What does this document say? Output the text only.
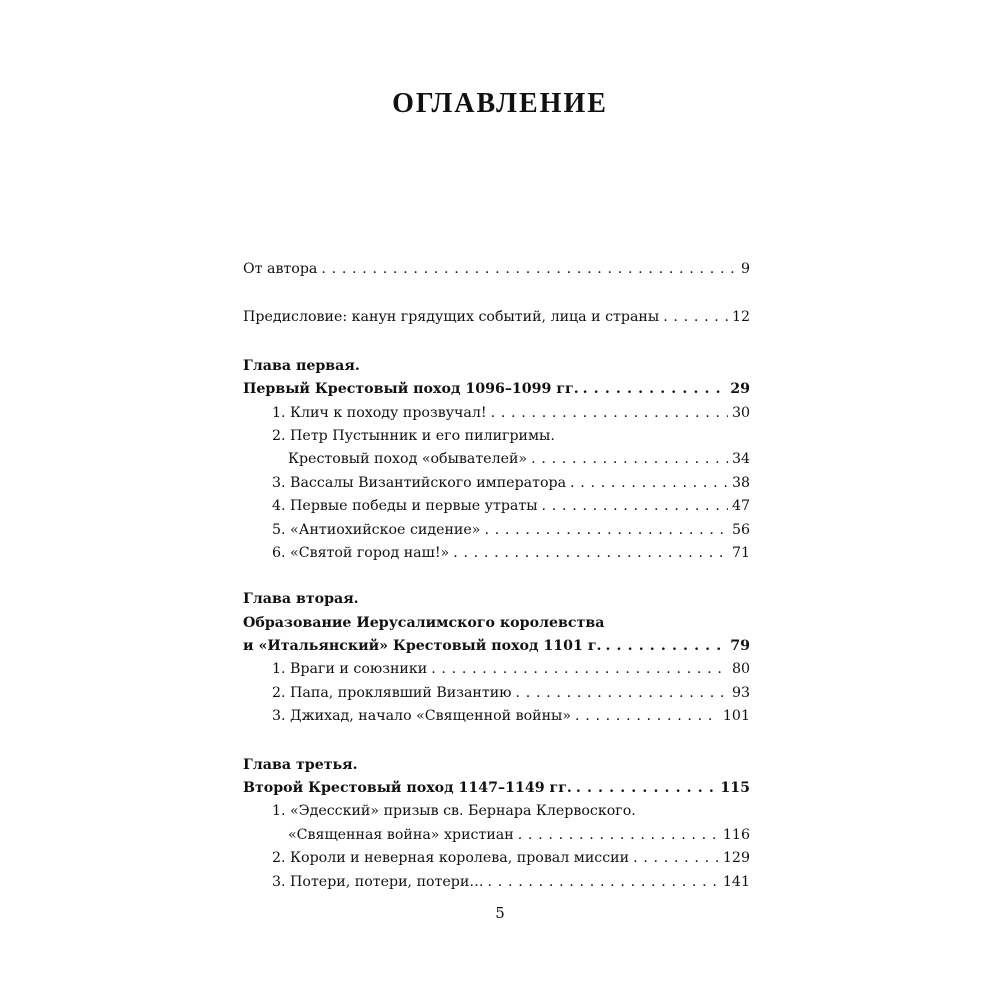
ОГЛАВЛЕНИЕ
От автора . . .	9
Предисловие: канун грядущих событий, лица и страны . . .	12
Глава первая.
Первый Крестовый поход 1096–1099 гг. . . .	29
1. Клич к походу прозвучал! . . .	30
2. Петр Пустынник и его пилигримы.
Крестовый поход «обывателей» . . .	34
3. Вассалы Византийского императора . . .	38
4. Первые победы и первые утраты . . .	47
5. «Антиохийское сидение» . . .	56
6. «Святой город наш!» . . .	71
Глава вторая.
Образование Иерусалимского королевства
и «Итальянский» Крестовый поход 1101 г. . . .	79
1. Враги и союзники . . .	80
2. Папа, проклявший Византию . . .	93
3. Джихад, начало «Священной войны» . . .	101
Глава третья.
Второй Крестовый поход 1147–1149 гг. . . .	115
1. «Эдесский» призыв св. Бернара Клервоского.
«Священная война» христиан . . .	116
2. Короли и неверная королева, провал миссии . . .	129
3. Потери, потери, потери… . . .	141
5
